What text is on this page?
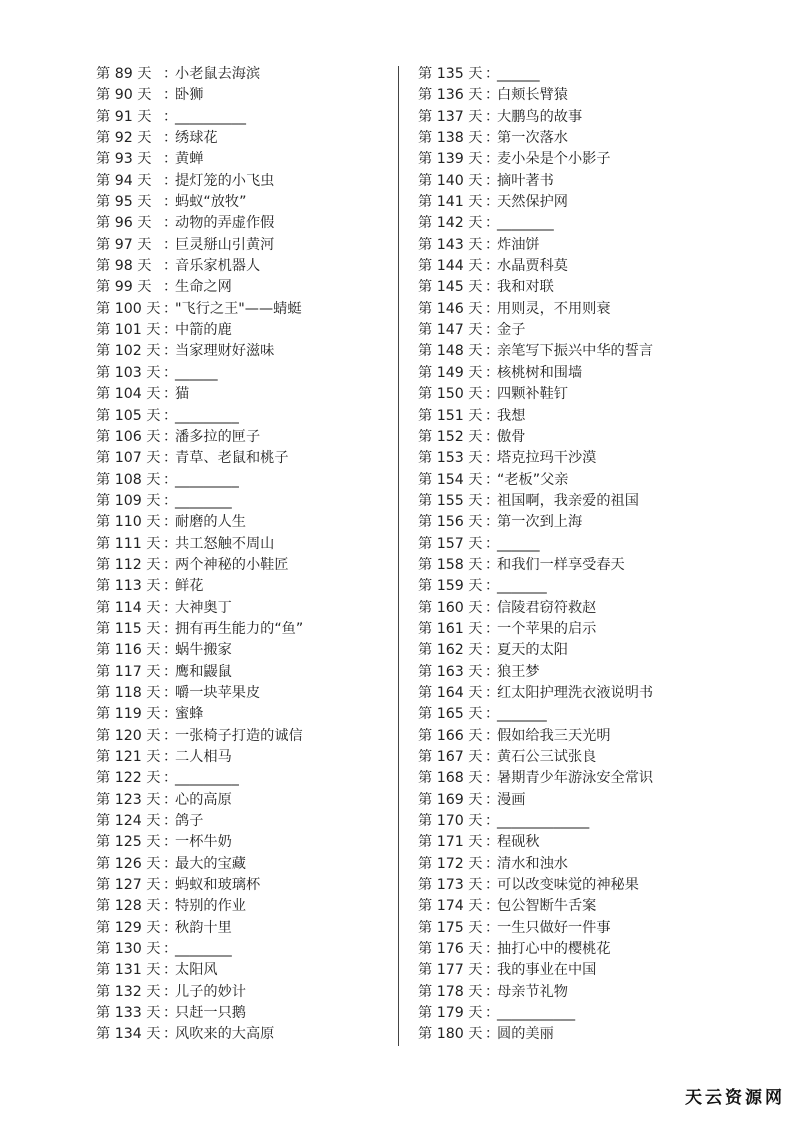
第 89 天 ：
小老鼠去海滨
第 90 天 ：
卧狮
第 91 天 ：
__________
第 92 天 ：
绣球花
第 93 天 ：
黄蝉
第 94 天 ：
提灯笼的小飞虫
第 95 天 ：
蚂蚁“放牧”
第 96 天 ：
动物的弄虚作假
第 97 天 ：
巨灵掰山引黄河
第 98 天 ：
音乐家机器人
第 99 天 ：
生命之网
第 100 天 ：
"飞行之王"——蜻蜓
第 101 天 ：
中箭的鹿
第 102 天 ：
当家理财好滋味
第 103 天 ：
______
第 104 天 ：
猫
第 105 天 ：
_________
第 106 天 ：
潘多拉的匣子
第 107 天 ：
青草、老鼠和桃子
第 108 天 ：
_________
第 109 天 ：
________
第 110 天 ：
耐磨的人生
第 111 天 ：
共工怒触不周山
第 112 天 ：
两个神秘的小鞋匠
第 113 天 ：
鲜花
第 114 天 ：
大神奥丁
第 115 天 ：
拥有再生能力的“鱼”
第 116 天 ：
蜗牛搬家
第 117 天 ：
鹰和鼹鼠
第 118 天 ：
嚼一块苹果皮
第 119 天 ：
蜜蜂
第 120 天 ：
一张椅子打造的诚信
第 121 天 ：
二人相马
第 122 天 ：
_________
第 123 天 ：
心的高原
第 124 天 ：
鸽子
第 125 天 ：
一杯牛奶
第 126 天 ：
最大的宝藏
第 127 天 ：
蚂蚁和玻璃杯
第 128 天 ：
特别的作业
第 129 天 ：
秋韵十里
第 130 天 ：
________
第 131 天 ：
太阳风
第 132 天 ：
儿子的妙计
第 133 天 ：
只赶一只鹅
第 134 天 ：
风吹来的大高原
第 135 天 ：
______
第 136 天 ：
白颊长臂猿
第 137 天 ：
大鹏鸟的故事
第 138 天 ：
第一次落水
第 139 天 ：
麦小朵是个小影子
第 140 天 ：
摘叶著书
第 141 天 ：
天然保护网
第 142 天 ：
________
第 143 天 ：
炸油饼
第 144 天 ：
水晶贾科莫
第 145 天 ：
我和对联
第 146 天 ：
用则灵，不用则衰
第 147 天 ：
金子
第 148 天 ：
亲笔写下振兴中华的誓言
第 149 天 ：
核桃树和围墙
第 150 天 ：
四颗补鞋钉
第 151 天 ：
我想
第 152 天 ：
傲骨
第 153 天 ：
塔克拉玛干沙漠
第 154 天 ：
“老板”父亲
第 155 天 ：
祖国啊，我亲爱的祖国
第 156 天 ：
第一次到上海
第 157 天 ：
______
第 158 天 ：
和我们一样享受春天
第 159 天 ：
_______
第 160 天 ：
信陵君窃符救赵
第 161 天 ：
一个苹果的启示
第 162 天 ：
夏天的太阳
第 163 天 ：
狼王梦
第 164 天 ：
红太阳护理洗衣液说明书
第 165 天 ：
_______
第 166 天 ：
假如给我三天光明
第 167 天 ：
黄石公三试张良
第 168 天 ：
暑期青少年游泳安全常识
第 169 天 ：
漫画
第 170 天 ：
_____________
第 171 天 ：
程砚秋
第 172 天 ：
清水和浊水
第 173 天 ：
可以改变味觉的神秘果
第 174 天 ：
包公智断牛舌案
第 175 天 ：
一生只做好一件事
第 176 天 ：
抽打心中的樱桃花
第 177 天 ：
我的事业在中国
第 178 天 ：
母亲节礼物
第 179 天 ：
___________
第 180 天 ：
圆的美丽
天云资源网
